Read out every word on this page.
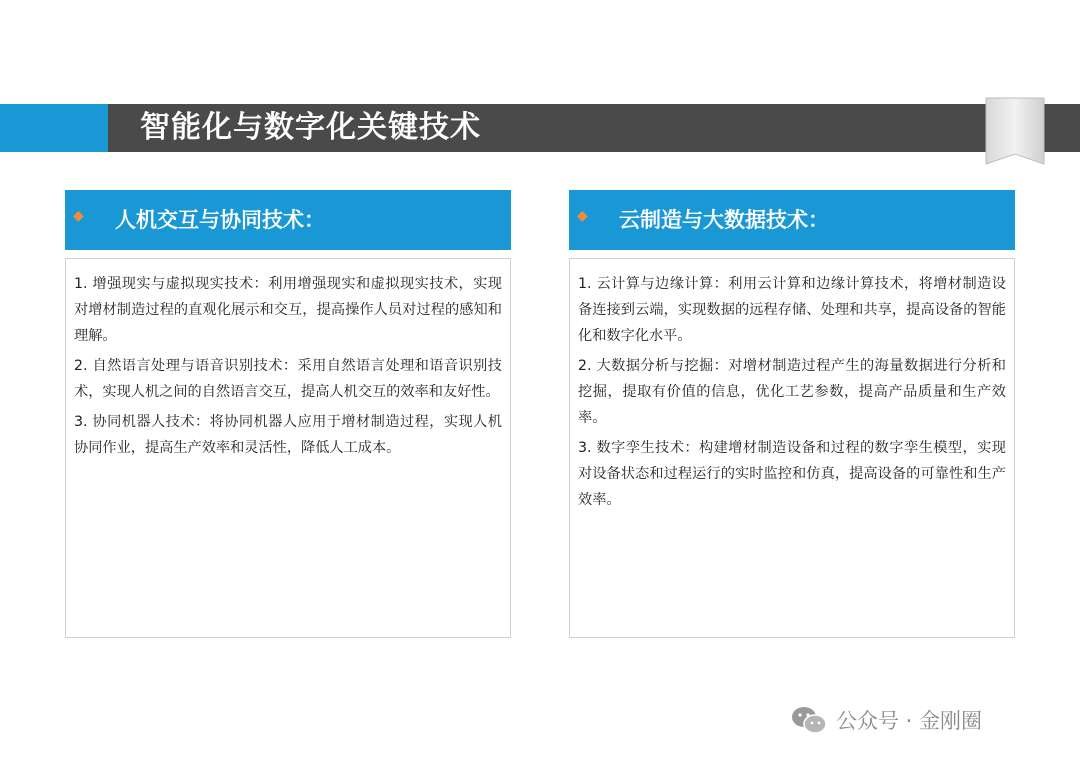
智能化与数字化关键技术
◆ 人机交互与协同技术：
1. 增强现实与虚拟现实技术：利用增强现实和虚拟现实技术，实现对增材制造过程的直观化展示和交互，提高操作人员对过程的感知和理解。
2. 自然语言处理与语音识别技术：采用自然语言处理和语音识别技术，实现人机之间的自然语言交互，提高人机交互的效率和友好性。
3. 协同机器人技术：将协同机器人应用于增材制造过程，实现人机协同作业，提高生产效率和灵活性，降低人工成本。
◆ 云制造与大数据技术：
1. 云计算与边缘计算：利用云计算和边缘计算技术，将增材制造设备连接到云端，实现数据的远程存储、处理和共享，提高设备的智能化和数字化水平。
2. 大数据分析与挖掘：对增材制造过程产生的海量数据进行分析和挖掘，提取有价值的信息，优化工艺参数，提高产品质量和生产效率。
3. 数字孪生技术：构建增材制造设备和过程的数字孪生模型，实现对设备状态和过程运行的实时监控和仿真，提高设备的可靠性和生产效率。
公众号 · 金刚圈
